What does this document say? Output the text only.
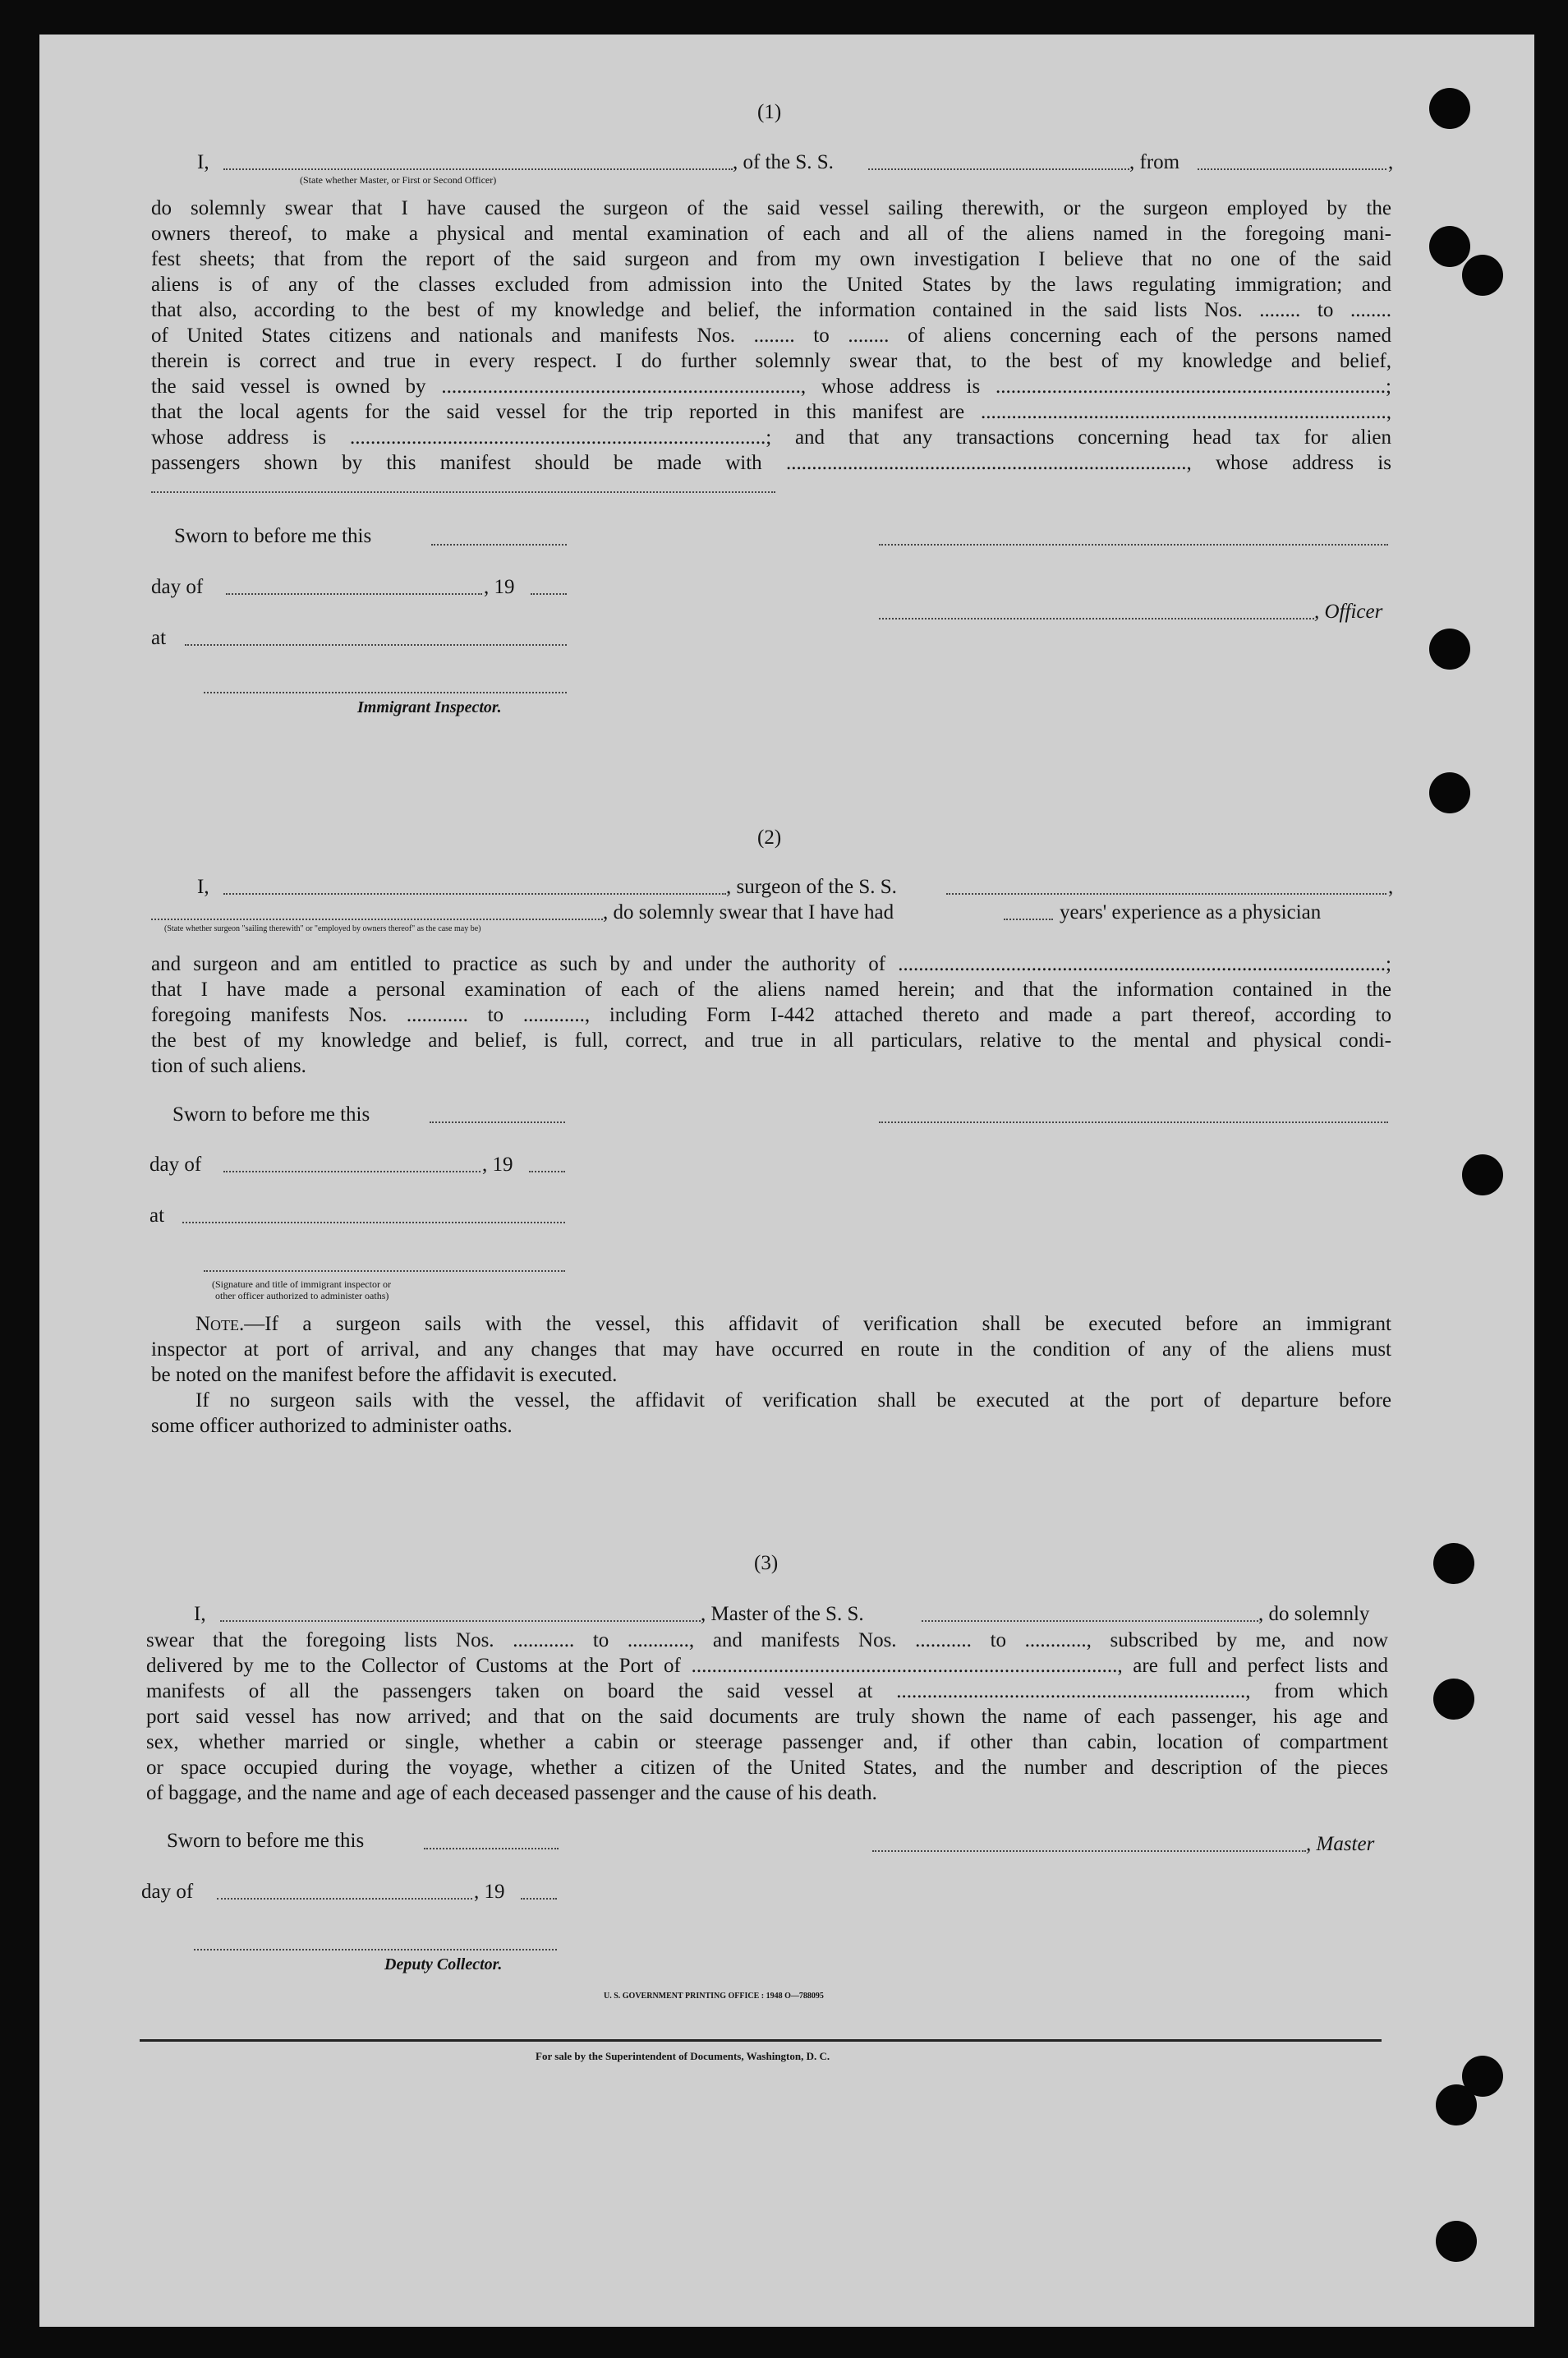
(1)
I,	, of the S. S.	, from	,
(State whether Master, or First or Second Officer)
do solemnly swear that I have caused the surgeon of the said vessel sailing therewith, or the surgeon employed by the
owners thereof, to make a physical and mental examination of each and all of the aliens named in the foregoing mani-
fest sheets; that from the report of the said surgeon and from my own investigation I believe that no one of the said
aliens is of any of the classes excluded from admission into the United States by the laws regulating immigration; and
that also, according to the best of my knowledge and belief, the information contained in the said lists Nos. ........ to ........
of United States citizens and nationals and manifests Nos. ........ to ........ of aliens concerning each of the persons named
therein is correct and true in every respect. I do further solemnly swear that, to the best of my knowledge and belief,
the said vessel is owned by ......................................................................, whose address is ............................................................................;
that the local agents for the said vessel for the trip reported in this manifest are ...............................................................................,
whose address is .................................................................................; and that any transactions concerning head tax for alien
passengers shown by this manifest should be made with .............................................................................., whose address is
Sworn to before me this
day of	, 19
, Officer
at
Immigrant Inspector.
(2)
I,	, surgeon of the S. S.	,
, do solemnly swear that I have had	years' experience as a physician
(State whether surgeon "sailing therewith" or "employed by owners thereof" as the case may be)
and surgeon and am entitled to practice as such by and under the authority of ...............................................................................................;
that I have made a personal examination of each of the aliens named herein; and that the information contained in the
foregoing manifests Nos. ............ to ............, including Form I-442 attached thereto and made a part thereof, according to
the best of my knowledge and belief, is full, correct, and true in all particulars, relative to the mental and physical condi-
tion of such aliens.
Sworn to before me this
day of	, 19
at
(Signature and title of immigrant inspector or
other officer authorized to administer oaths)
Note.—If a surgeon sails with the vessel, this affidavit of verification shall be executed before an immigrant
inspector at port of arrival, and any changes that may have occurred en route in the condition of any of the aliens must
be noted on the manifest before the affidavit is executed.
If no surgeon sails with the vessel, the affidavit of verification shall be executed at the port of departure before
some officer authorized to administer oaths.
(3)
I,	, Master of the S. S.	, do solemnly
swear that the foregoing lists Nos. ............ to ............, and manifests Nos. ........... to ............, subscribed by me, and now
delivered by me to the Collector of Customs at the Port of ..................................................................................., are full and perfect lists and
manifests of all the passengers taken on board the said vessel at ...................................................................., from which
port said vessel has now arrived; and that on the said documents are truly shown the name of each passenger, his age and
sex, whether married or single, whether a cabin or steerage passenger and, if other than cabin, location of compartment
or space occupied during the voyage, whether a citizen of the United States, and the number and description of the pieces
of baggage, and the name and age of each deceased passenger and the cause of his death.
Sworn to before me this	, Master
day of	, 19
Deputy Collector.
U. S. GOVERNMENT PRINTING OFFICE : 1948 O—788095
For sale by the Superintendent of Documents, Washington, D. C.
